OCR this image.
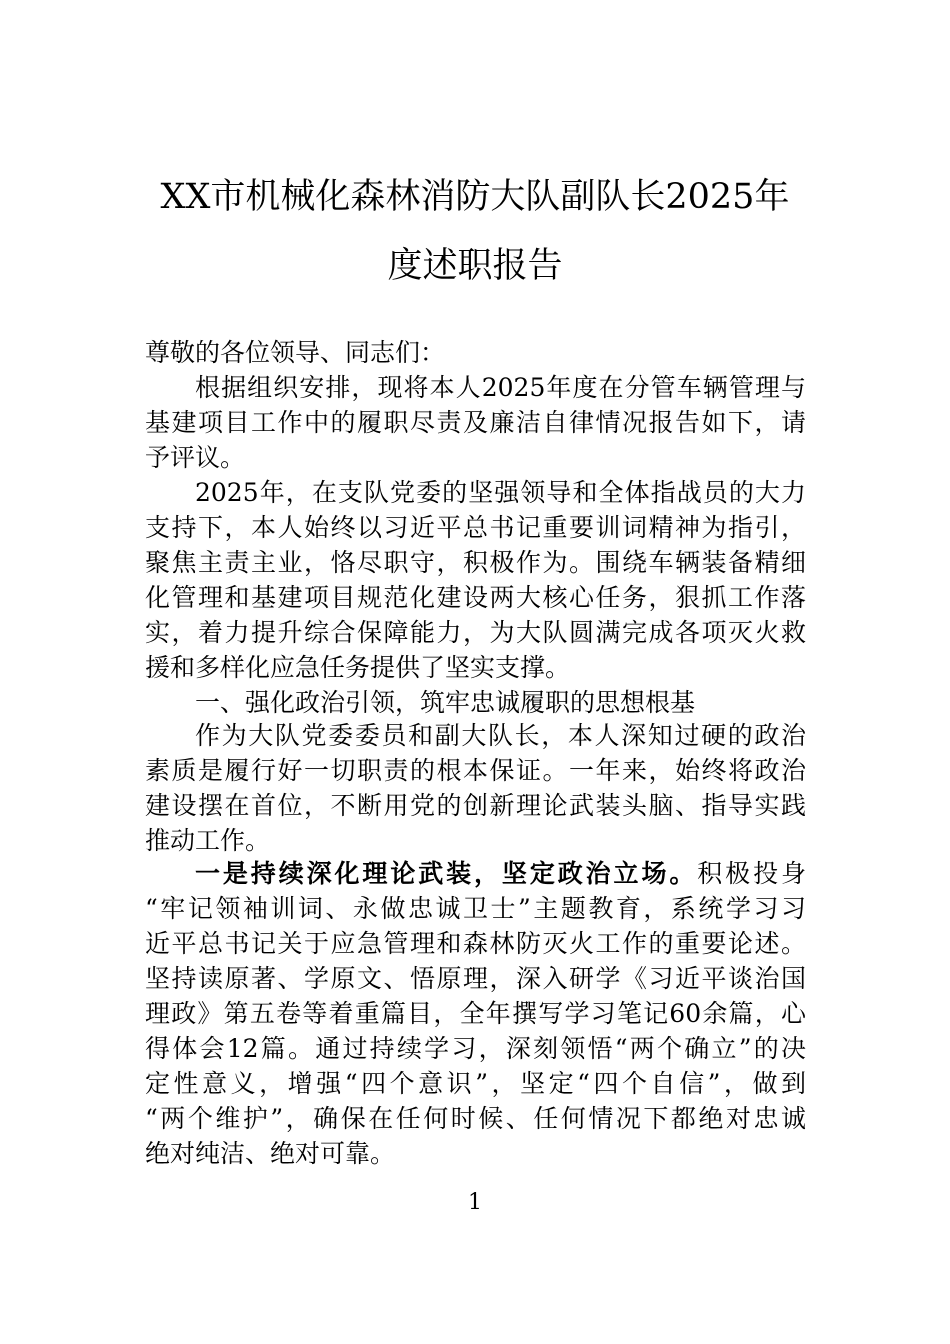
XX市机械化森林消防大队副队长2025年
度述职报告
尊敬的各位领导、同志们：
根据组织安排，现将本人2025年度在分管车辆管理与
基建项目工作中的履职尽责及廉洁自律情况报告如下，请
予评议。
2025年，在支队党委的坚强领导和全体指战员的大力
支持下，本人始终以习近平总书记重要训词精神为指引，
聚焦主责主业，恪尽职守，积极作为。围绕车辆装备精细
化管理和基建项目规范化建设两大核心任务，狠抓工作落
实，着力提升综合保障能力，为大队圆满完成各项灭火救
援和多样化应急任务提供了坚实支撑。
一、强化政治引领，筑牢忠诚履职的思想根基
作为大队党委委员和副大队长，本人深知过硬的政治
素质是履行好一切职责的根本保证。一年来，始终将政治
建设摆在首位，不断用党的创新理论武装头脑、指导实践
推动工作。
一是持续深化理论武装，坚定政治立场。积极投身
“牢记领袖训词、永做忠诚卫士”主题教育，系统学习习
近平总书记关于应急管理和森林防灭火工作的重要论述。
坚持读原著、学原文、悟原理，深入研学《习近平谈治国
理政》第五卷等着重篇目，全年撰写学习笔记60余篇，心
得体会12篇。通过持续学习，深刻领悟“两个确立”的决
定性意义，增强“四个意识”，坚定“四个自信”，做到
“两个维护”，确保在任何时候、任何情况下都绝对忠诚
绝对纯洁、绝对可靠。
1
